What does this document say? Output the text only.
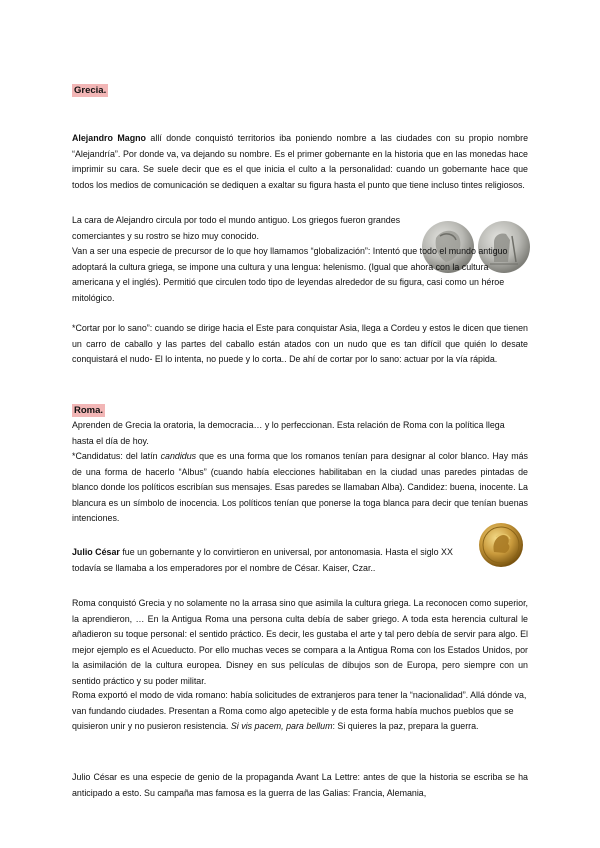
Grecia.

Alejandro Magno allí donde conquistó territorios iba poniendo nombre a las ciudades con su propio nombre “Alejandría”. Por donde va, va dejando su nombre. Es el primer gobernante en la historia que en las monedas hace imprimir su cara. Se suele decir que es el que inicia el culto a la personalidad: cuando un gobernante hace que todos los medios de comunicación se dediquen a exaltar su figura hasta el punto que tiene incluso tintes religiosos.

La cara de Alejandro circula por todo el mundo antiguo. Los griegos fueron grandes comerciantes y su rostro se hizo muy conocido.

Van a ser una especie de precursor de lo que hoy llamamos “globalización”: Intentó que todo el mundo antiguo adoptará la cultura griega, se impone una cultura y una lengua: helenismo. (Igual que ahora con la cultura americana y el inglés). Permitió que circulen todo tipo de leyendas alrededor de su figura, casi como un héroe mitológico.

*Cortar por lo sano”: cuando se dirige hacia el Este para conquistar Asia, llega a Cordeu y estos le dicen que tienen un carro de caballo y las partes del caballo están atados con un nudo que es tan difícil que quién lo desate conquistará el nudo- El lo intenta, no puede y lo corta.. De ahí de cortar por lo sano: actuar por la vía rápida.

Roma.

Aprenden de Grecia la oratoria, la democracia… y lo perfeccionan. Esta relación de Roma con la política llega hasta el día de hoy.

*Candidatus: del latín candidus que es una forma que los romanos tenían para designar al color blanco. Hay más de una forma de hacerlo “Albus” (cuando había elecciones habilitaban en la ciudad unas paredes pintadas de blanco donde los políticos escribían sus mensajes. Esas paredes se llamaban Alba). Candidez: buena, inocente. La blancura es un símbolo de inocencia. Los políticos tenían que ponerse la toga blanca para decir que tenían buenas intenciones.

Julio César fue un gobernante y lo convirtieron en universal, por antonomasia. Hasta el siglo XX todavía se llamaba a los emperadores por el nombre de César. Kaiser, Czar..

Roma conquistó Grecia y no solamente no la arrasa sino que asimila la cultura griega. La reconocen como superior, la aprendieron, … En la Antigua Roma una persona culta debía de saber griego. A toda esta herencia cultural le añadieron su toque personal: el sentido práctico. Es decir, les gustaba el arte y tal pero debía de servir para algo. El mejor ejemplo es el Acueducto. Por ello muchas veces se compara a la Antigua Roma con los Estados Unidos, por la asimilación de la cultura europea. Disney en sus películas de dibujos son de Europa, pero siempre con un sentido práctico y su poder militar.

Roma exportó el modo de vida romano: había solicitudes de extranjeros para tener la “nacionalidad”. Allá dónde va, van fundando ciudades. Presentan a Roma como algo apetecible y de esta forma había muchos pueblos que se quisieron unir y no pusieron resistencia. Si vis pacem, para bellum: Si quieres la paz, prepara la guerra.

Julio César es una especie de genio de la propaganda Avant La Lettre: antes de que la historia se escriba se ha anticipado a esto. Su campaña mas famosa es la guerra de las Galias: Francia, Alemania,
